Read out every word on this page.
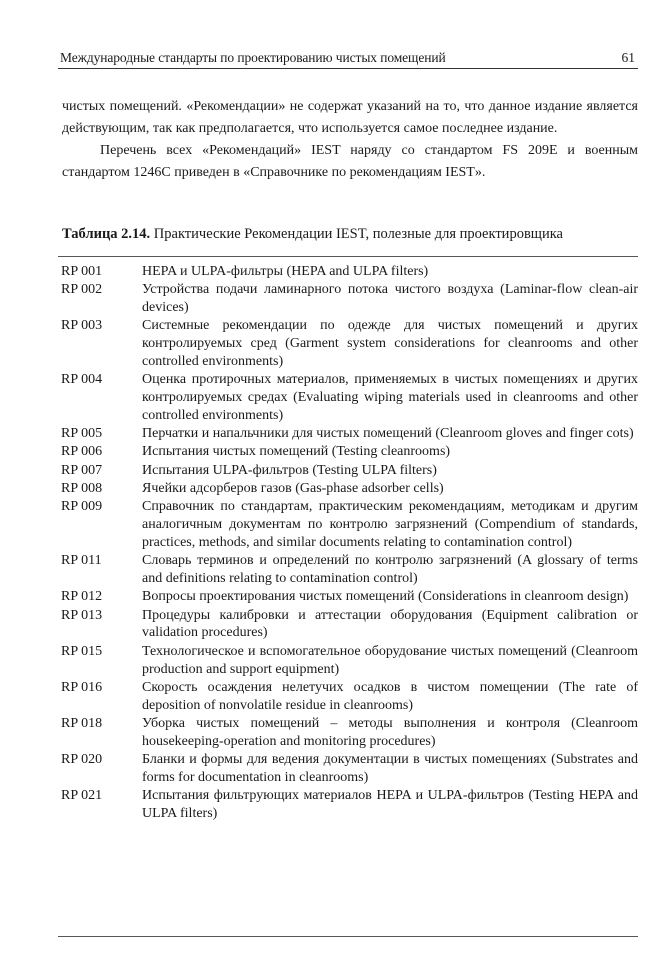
Международные стандарты по проектированию чистых помещений	61

чистых помещений. «Рекомендации» не содержат указаний на то, что данное издание является действующим, так как предполагается, что используется самое последнее издание.

Перечень всех «Рекомендаций» IEST наряду со стандартом FS 209E и военным стандартом 1246С приведен в «Справочнике по рекомендациям IEST».

Таблица 2.14. Практические Рекомендации IEST, полезные для проектировщика
RP 001	HEPA и ULPA-фильтры (HEPA and ULPA filters)
RP 002	Устройства подачи ламинарного потока чистого воздуха (Laminar-flow clean-air devices)
RP 003	Системные рекомендации по одежде для чистых помещений и других контролируемых сред (Garment system considerations for cleanrooms and other controlled environments)
RP 004	Оценка протирочных материалов, применяемых в чистых помещениях и других контролируемых средах (Evaluating wiping materials used in cleanrooms and other controlled environments)
RP 005	Перчатки и напальчники для чистых помещений (Cleanroom gloves and finger cots)
RP 006	Испытания чистых помещений (Testing cleanrooms)
RP 007	Испытания ULPA-фильтров (Testing ULPA filters)
RP 008	Ячейки адсорберов газов (Gas-phase adsorber cells)
RP 009	Справочник по стандартам, практическим рекомендациям, методикам и другим аналогичным документам по контролю загрязнений (Compendium of standards, practices, methods, and similar documents relating to contamination control)
RP 011	Словарь терминов и определений по контролю загрязнений (A glossary of terms and definitions relating to contamination control)
RP 012	Вопросы проектирования чистых помещений (Considerations in cleanroom design)
RP 013	Процедуры калибровки и аттестации оборудования (Equipment calibration or validation procedures)
RP 015	Технологическое и вспомогательное оборудование чистых помещений (Cleanroom production and support equipment)
RP 016	Скорость осаждения нелетучих осадков в чистом помещении (The rate of deposition of nonvolatile residue in cleanrooms)
RP 018	Уборка чистых помещений – методы выполнения и контроля (Cleanroom housekeeping-operation and monitoring procedures)
RP 020	Бланки и формы для ведения документации в чистых помещениях (Substrates and forms for documentation in cleanrooms)
RP 021	Испытания фильтрующих материалов HEPA и ULPA-фильтров (Testing HEPA and ULPA filters)
